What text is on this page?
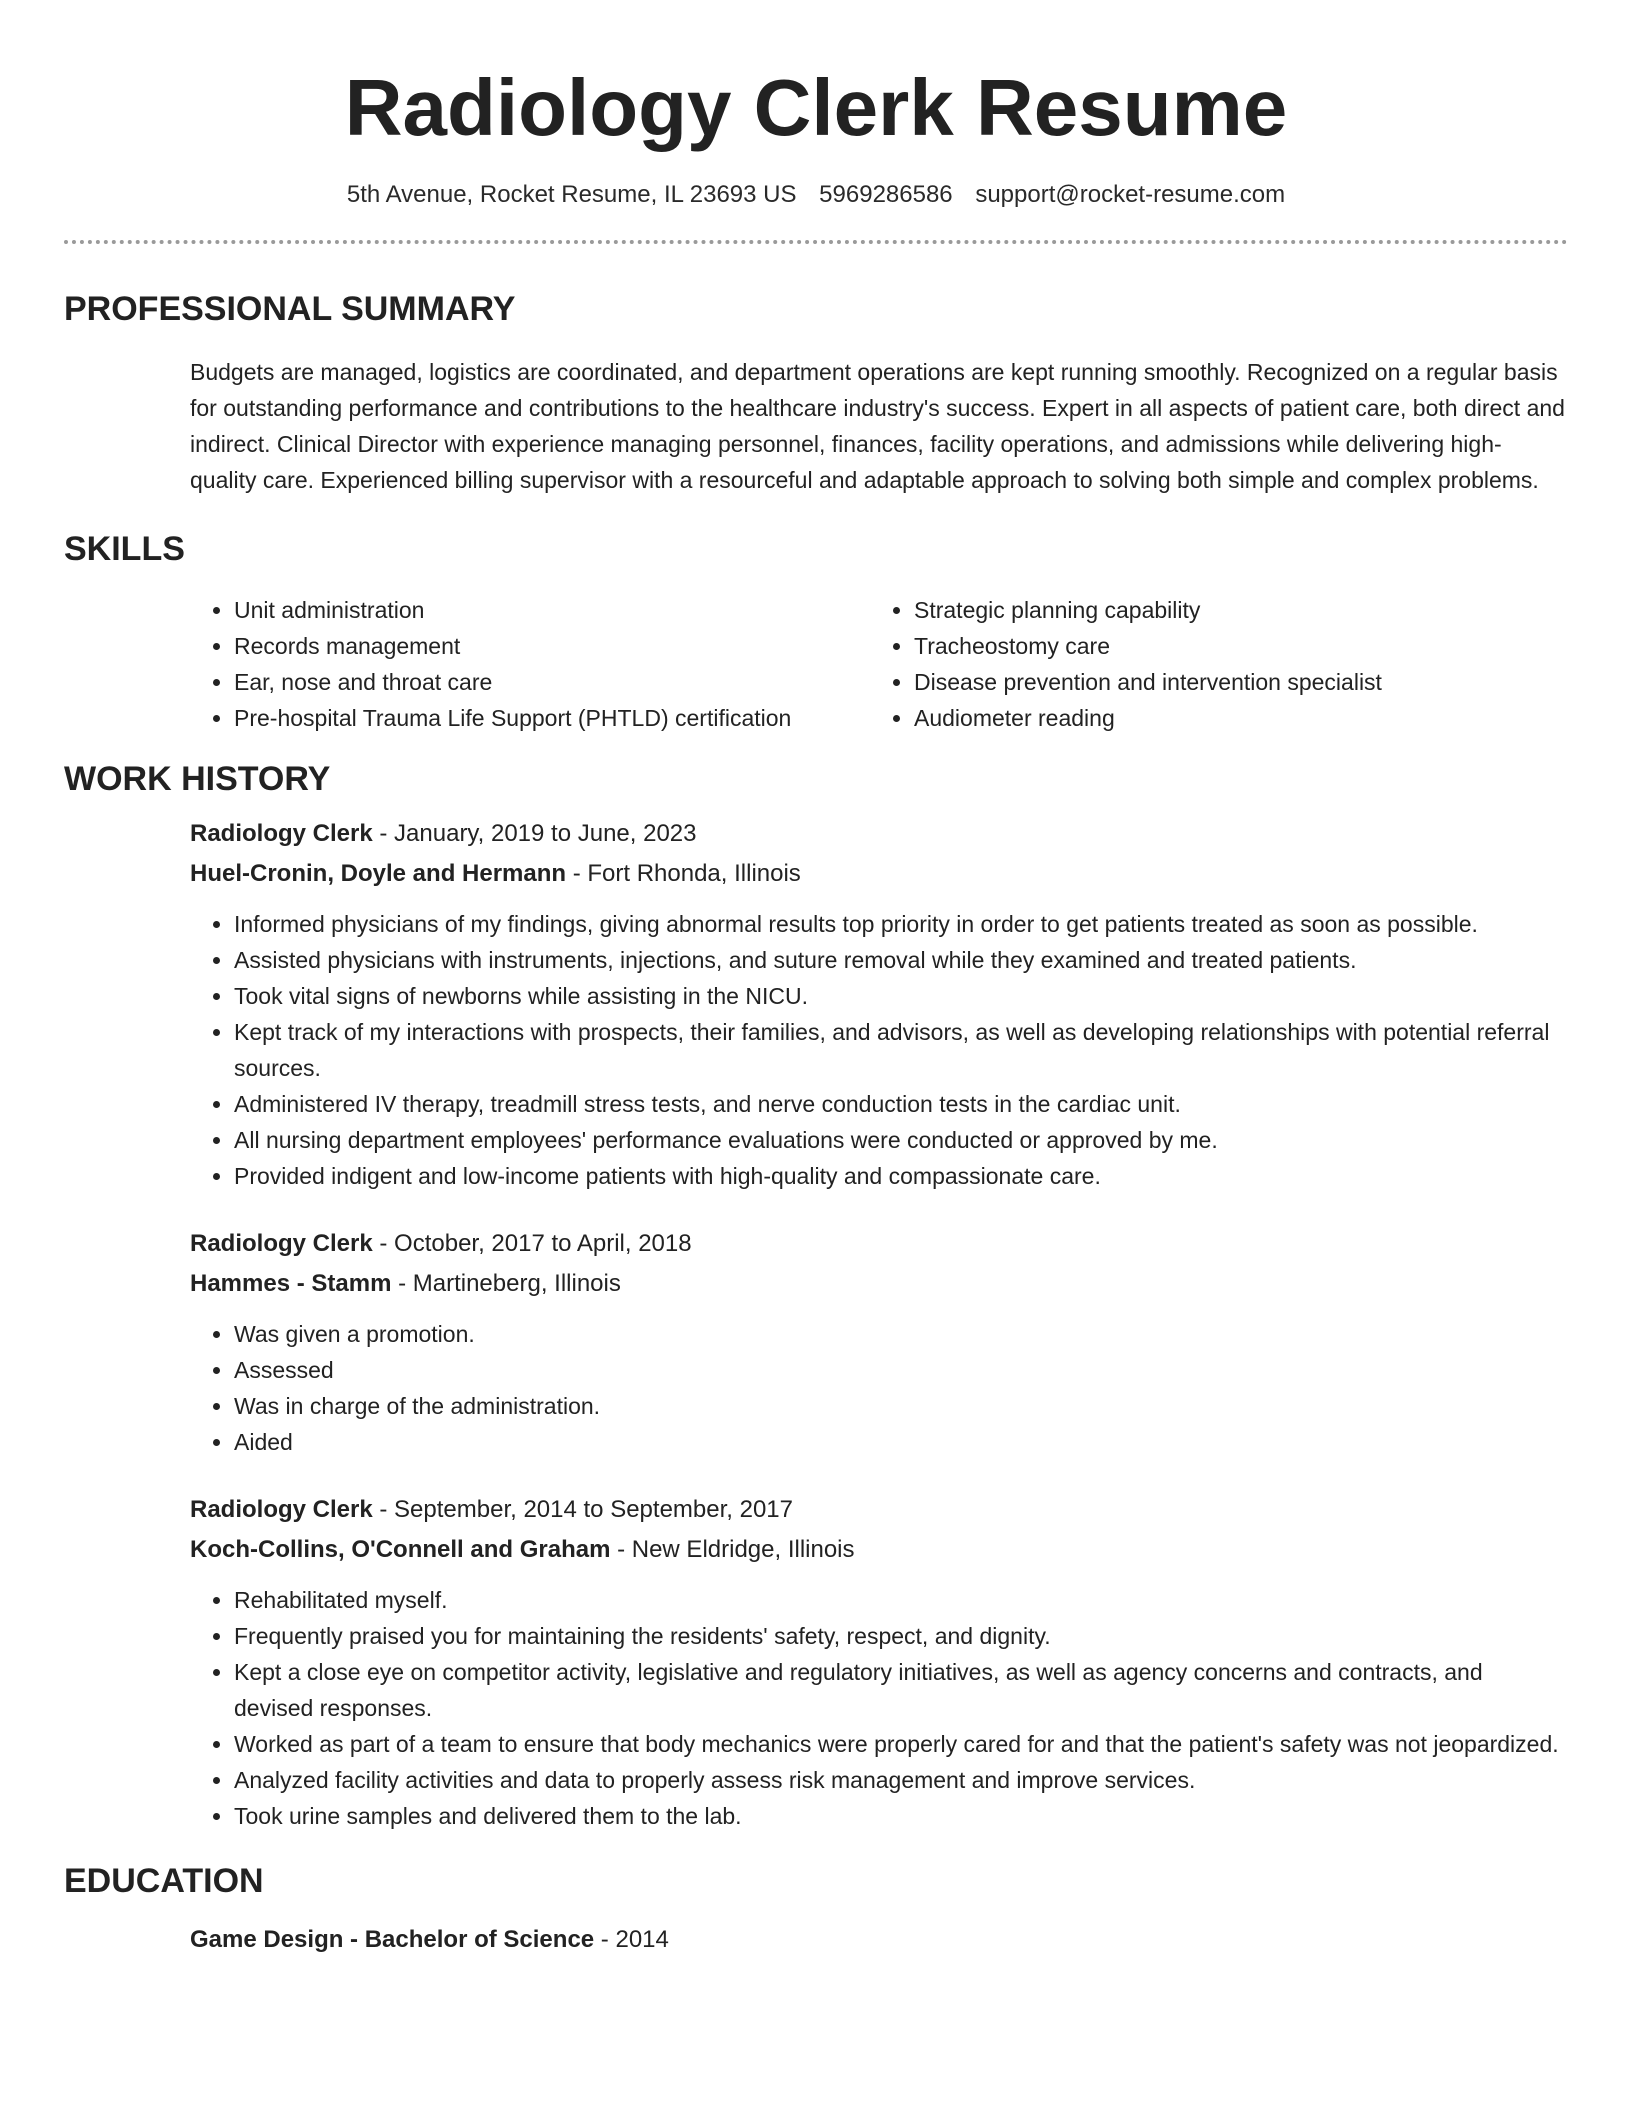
Radiology Clerk Resume
5th Avenue, Rocket Resume, IL 23693 US 5969286586 support@rocket-resume.com
PROFESSIONAL SUMMARY

Budgets are managed, logistics are coordinated, and department operations are kept running smoothly. Recognized on a regular basis for outstanding performance and contributions to the healthcare industry's success. Expert in all aspects of patient care, both direct and indirect. Clinical Director with experience managing personnel, finances, facility operations, and admissions while delivering high-quality care. Experienced billing supervisor with a resourceful and adaptable approach to solving both simple and complex problems.

SKILLS
• Unit administration
• Records management
• Ear, nose and throat care
• Pre-hospital Trauma Life Support (PHTLD) certification
• Strategic planning capability
• Tracheostomy care
• Disease prevention and intervention specialist
• Audiometer reading
WORK HISTORY
Radiology Clerk - January, 2019 to June, 2023
Huel-Cronin, Doyle and Hermann - Fort Rhonda, Illinois
• Informed physicians of my findings, giving abnormal results top priority in order to get patients treated as soon as possible.
• Assisted physicians with instruments, injections, and suture removal while they examined and treated patients.
• Took vital signs of newborns while assisting in the NICU.
• Kept track of my interactions with prospects, their families, and advisors, as well as developing relationships with potential referral sources.
• Administered IV therapy, treadmill stress tests, and nerve conduction tests in the cardiac unit.
• All nursing department employees' performance evaluations were conducted or approved by me.
• Provided indigent and low-income patients with high-quality and compassionate care.
Radiology Clerk - October, 2017 to April, 2018
Hammes - Stamm - Martineberg, Illinois
• Was given a promotion.
• Assessed
• Was in charge of the administration.
• Aided
Radiology Clerk - September, 2014 to September, 2017
Koch-Collins, O'Connell and Graham - New Eldridge, Illinois
• Rehabilitated myself.
• Frequently praised you for maintaining the residents' safety, respect, and dignity.
• Kept a close eye on competitor activity, legislative and regulatory initiatives, as well as agency concerns and contracts, and devised responses.
• Worked as part of a team to ensure that body mechanics were properly cared for and that the patient's safety was not jeopardized.
• Analyzed facility activities and data to properly assess risk management and improve services.
• Took urine samples and delivered them to the lab.
EDUCATION
Game Design - Bachelor of Science - 2014
